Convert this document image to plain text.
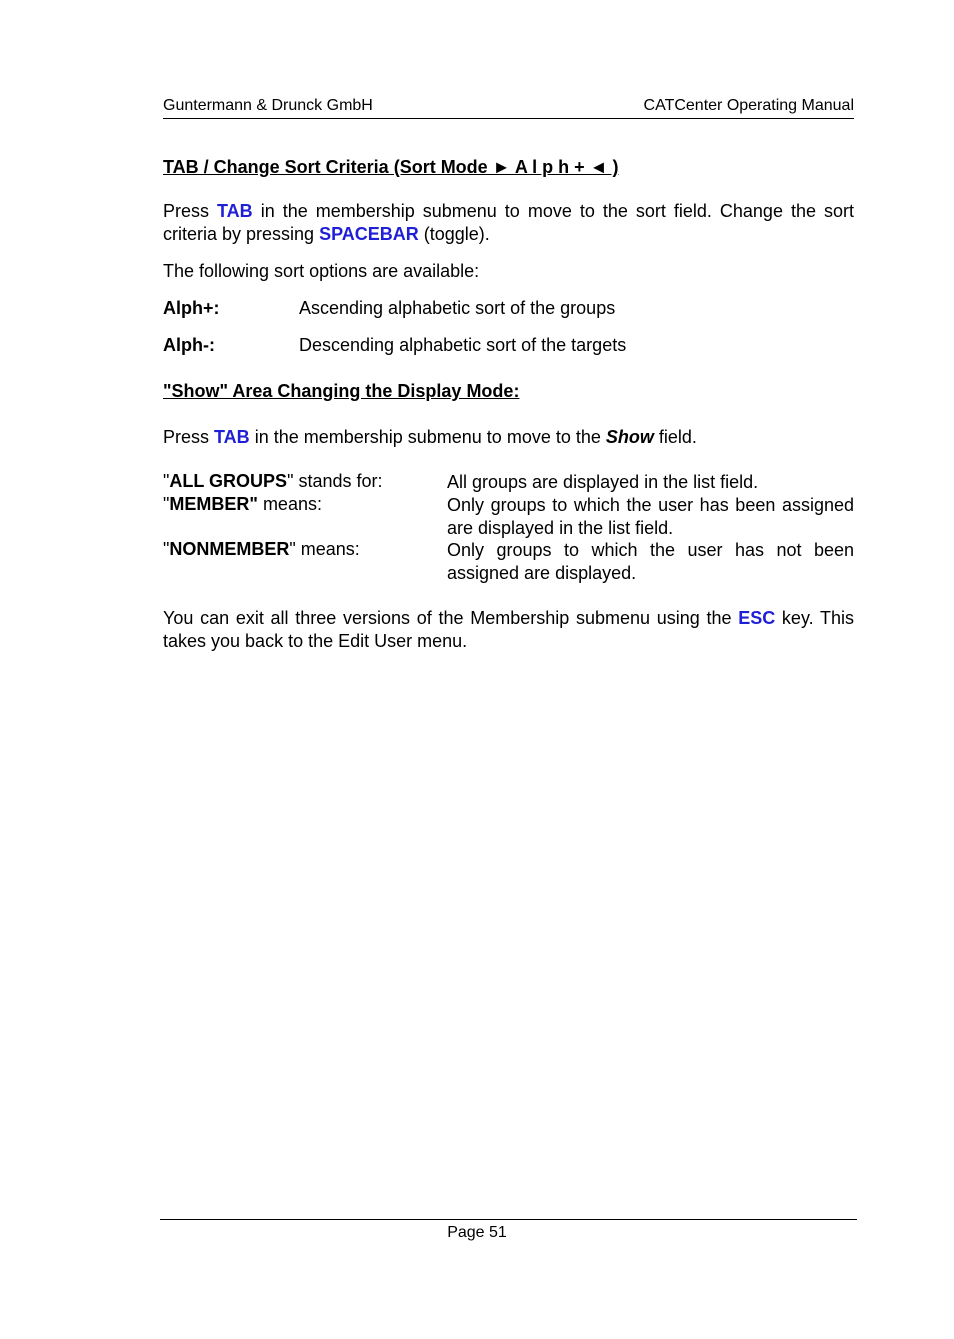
Guntermann & Drunck GmbH	CATCenter Operating Manual
TAB / Change Sort Criteria (Sort Mode ► A l p h + ◄ )
Press TAB in the membership submenu to move to the sort field. Change the sort criteria by pressing SPACEBAR (toggle).
The following sort options are available:
Alph+:	Ascending alphabetic sort of the groups
Alph-:	Descending alphabetic sort of the targets
"Show" Area Changing the Display Mode:
Press TAB in the membership submenu to move to the Show field.
"ALL GROUPS" stands for:	All groups are displayed in the list field.
"MEMBER" means:	Only groups to which the user has been assigned are displayed in the list field.
"NONMEMBER" means:	Only groups to which the user has not been assigned are displayed.
You can exit all three versions of the Membership submenu using the ESC key. This takes you back to the Edit User menu.
Page 51
